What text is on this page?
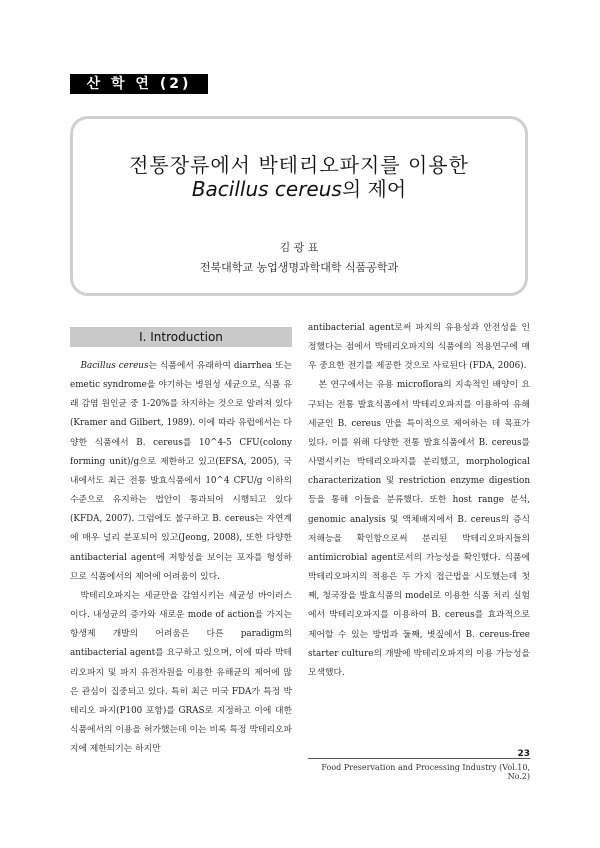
산 학 연 (2)
전통장류에서 박테리오파지를 이용한
Bacillus cereus의 제어
김 광 표
전북대학교 농업생명과학대학 식품공학과
Ⅰ. Introduction

Bacillus cereus는 식품에서 유래하여 diarrhea 또는 emetic syndrome을 야기하는 병원성 세균으로, 식품 유래 감염 원인균 중 1-20%를 차지하는 것으로 알려져 있다 (Kramer and Gilbert, 1989). 이에 따라 유럽에서는 다양한 식품에서 B. cereus를 10^4-5 CFU(colony forming unit)/g으로 제한하고 있고(EFSA, 2005), 국내에서도 최근 전통 발효식품에서 10^4 CFU/g 이하의 수준으로 유지하는 법안이 통과되어 시행되고 있다(KFDA, 2007). 그럼에도 불구하고 B. cereus는 자연계에 매우 널리 분포되어 있고(Jeong, 2008), 또한 다양한 antibacterial agent에 저항성을 보이는 포자를 형성하므로 식품에서의 제어에 어려움이 있다.

박테리오파지는 세균만을 감염시키는 세균성 바이러스이다. 내성균의 증가와 새로운 mode of action을 가지는 항생제 개발의 어려움은 다른 paradigm의 antibacterial agent를 요구하고 있으며, 이에 따라 박테리오파지 및 파지 유전자원을 이용한 유해균의 제어에 많은 관심이 집중되고 있다. 특히 최근 미국 FDA가 특정 박테리오 파지(P100 포함)를 GRAS로 지정하고 이에 대한 식품에서의 이용을 허가했는데 이는 비록 특정 박테리오파지에 제한되기는 하지만

antibacterial agent로써 파지의 유용성과 안전성을 인정했다는 점에서 박테리오파지의 식품에의 적용연구에 매우 중요한 전기를 제공한 것으로 사료된다 (FDA, 2006).

본 연구에서는 유용 microflora의 지속적인 배양이 요구되는 전통 발효식품에서 박테리오파지를 이용하여 유해 세균인 B. cereus 만을 특이적으로 제어하는 데 목표가 있다. 이를 위해 다양한 전통 발효식품에서 B. cereus를 사멸시키는 박테리오파지를 분리했고, morphological characterization 및 restriction enzyme digestion 등을 통해 이들을 분류했다. 또한 host range 분석, genomic analysis 및 액체배지에서 B. cereus의 증식 저해능을 확인함으로써 분리된 박테리오파지들의 antimicrobial agent로서의 가능성을 확인했다. 식품에 박테리오파지의 적용은 두 가지 접근법을 시도했는데 첫째, 청국장을 발효식품의 model로 이용한 식품 처리 실험에서 박테리오파지를 이용하여 B. cereus를 효과적으로 제어할 수 있는 방법과 둘째, 볏짚에서 B. cereus-free starter culture의 개발에 박테리오파지의 이용 가능성을 모색했다.

23
Food Preservation and Processing Industry (Vol.10, No.2)
